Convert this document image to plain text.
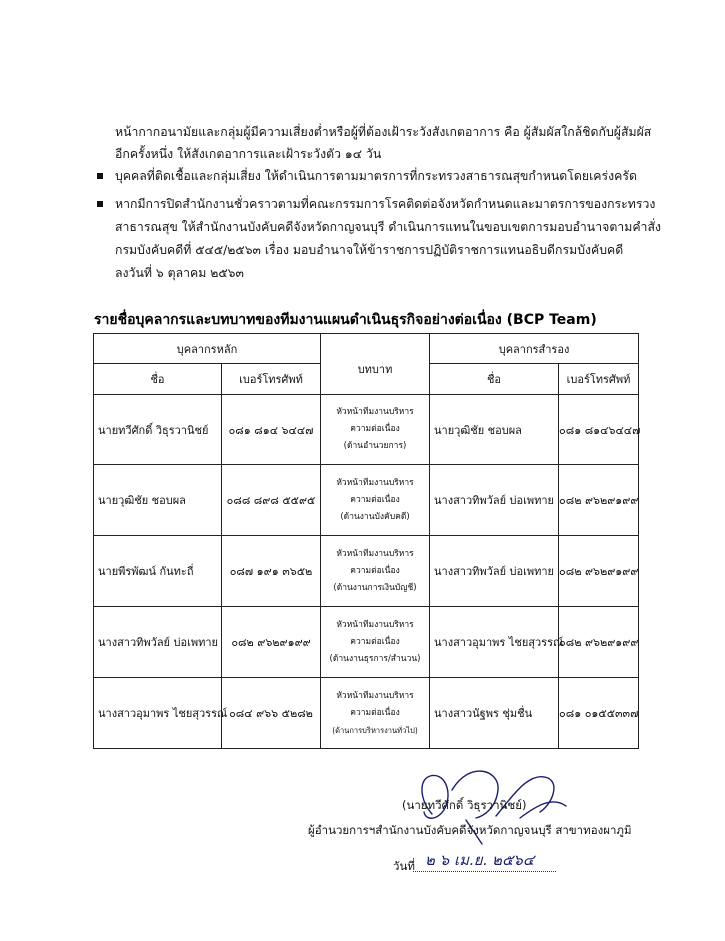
หน้ากากอนามัยและกลุ่มผู้มีความเสี่ยงต่ำหรือผู้ที่ต้องเฝ้าระวังสังเกตอาการ คือ ผู้สัมผัสใกล้ชิดกับผู้สัมผัส
อีกครั้งหนึ่ง ให้สังเกตอาการและเฝ้าระวังตัว ๑๔ วัน
บุคคลที่ติดเชื้อและกลุ่มเสี่ยง ให้ดำเนินการตามมาตรการที่กระทรวงสาธารณสุขกำหนดโดยเคร่งครัด
หากมีการปิดสำนักงานชั่วคราวตามที่คณะกรรมการโรคติดต่อจังหวัดกำหนดและมาตรการของกระทรวง
สาธารณสุข ให้สำนักงานบังคับคดีจังหวัดกาญจนบุรี ดำเนินการแทนในขอบเขตการมอบอำนาจตามคำสั่ง
กรมบังคับคดีที่ ๕๔๕/๒๕๖๓ เรื่อง มอบอำนาจให้ข้าราชการปฏิบัติราชการแทนอธิบดีกรมบังคับคดี
ลงวันที่ ๖ ตุลาคม ๒๕๖๓
รายชื่อบุคลากรและบทบาทของทีมงานแผนดำเนินธุรกิจอย่างต่อเนื่อง (BCP Team)
บุคลากรหลัก		บทบาท	บุคลากรสำรอง	
ชื่อ	เบอร์โทรศัพท์		ชื่อ	เบอร์โทรศัพท์
นายทวีศักดิ์ วิธุรวานิชย์	๐๘๑ ๘๑๔ ๖๔๔๗	หัวหน้าทีมงานบริหาร
ความต่อเนื่อง
(ด้านอำนวยการ)	นายวุฒิชัย ชอบผล	๐๘๑ ๘๑๔๖๔๔๗
นายวุฒิชัย ชอบผล	๐๘๘ ๘๙๘ ๕๕๙๕	หัวหน้าทีมงานบริหาร
ความต่อเนื่อง
(ด้านงานบังคับคดี)	นางสาวทิพวัลย์ บ่อเพทาย	๐๘๒ ๙๖๒๙๑๙๙
นายพีรพัฒน์ กันทะถี่	๐๘๗ ๑๙๑ ๓๖๕๒	หัวหน้าทีมงานบริหาร
ความต่อเนื่อง
(ด้านงานการเงินบัญชี)	นางสาวทิพวัลย์ บ่อเพทาย	๐๘๒ ๙๖๒๙๑๙๙
นางสาวทิพวัลย์ บ่อเพทาย	๐๘๒ ๙๖๒๙๑๙๙	หัวหน้าทีมงานบริหาร
ความต่อเนื่อง
(ด้านงานธุรการ/สำนวน)	นางสาวอุมาพร ไชยสุวรรณ์	๐๘๒ ๙๖๒๙๑๙๙
นางสาวอุมาพร ไชยสุวรรณ์	๐๘๔ ๙๖๖ ๕๒๘๒	หัวหน้าทีมงานบริหาร
ความต่อเนื่อง
(ด้านการบริหารงานทั่วไป)	นางสาวนัฐพร ชุ่มชื่น	๐๘๑ ๐๑๕๕๓๓๗
(นายทวีศักดิ์ วิธุรวานิชย์)
ผู้อำนวยการฯสำนักงานบังคับคดีจังหวัดกาญจนบุรี สาขาทองผาภูมิ
วันที่ ๒ ๖ เม.ย. ๒๕๖๔
